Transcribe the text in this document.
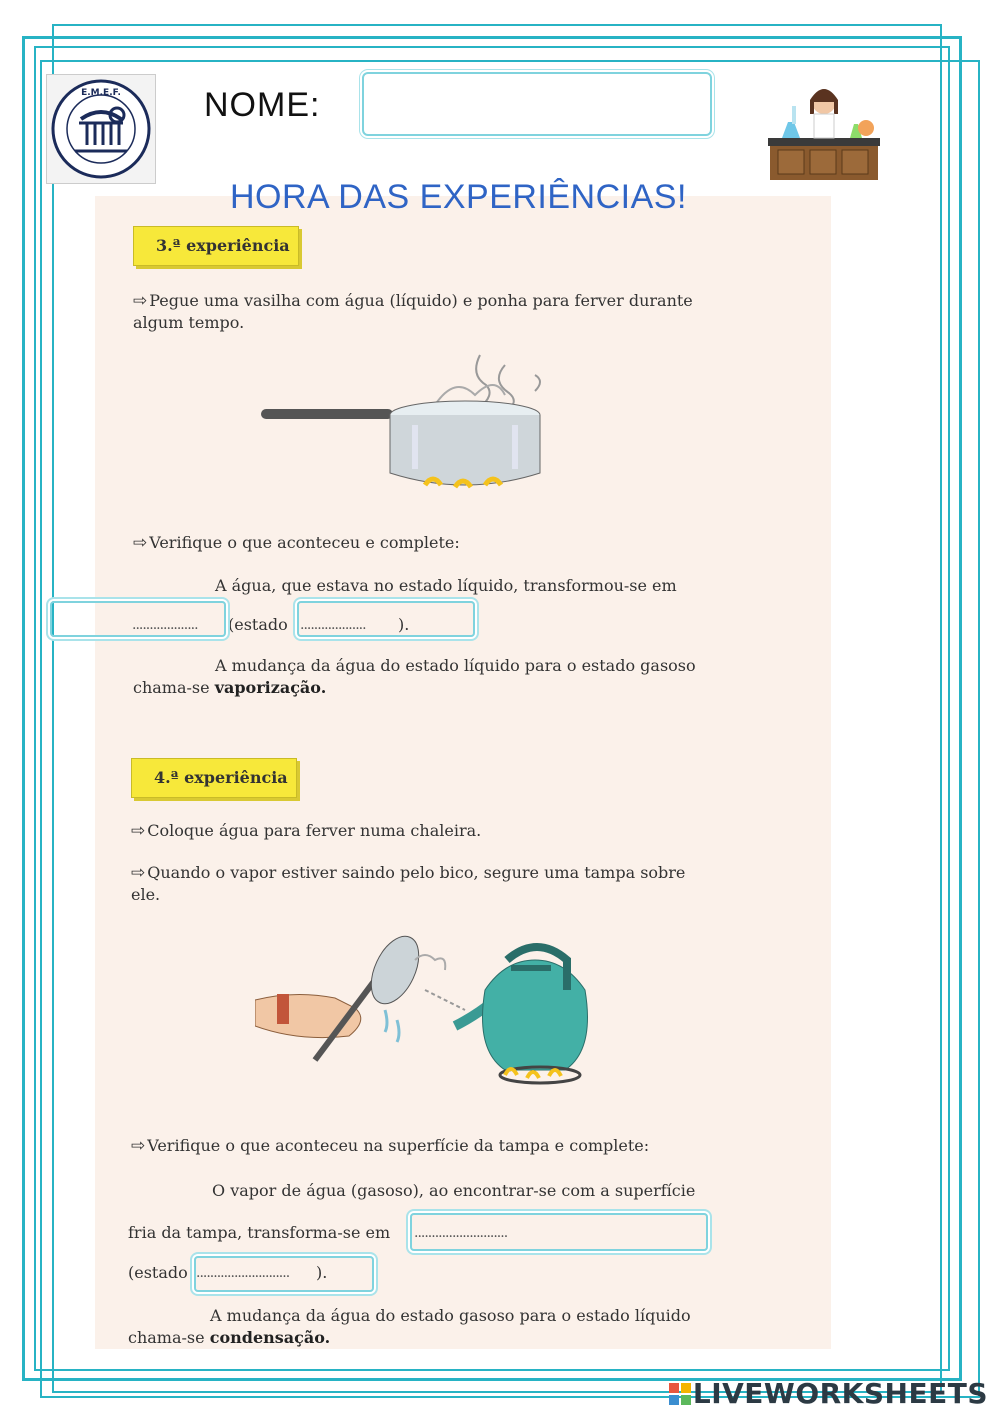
E.M.E.F. NOME:
HORA DAS EXPERIÊNCIAS!
3.ª experiência
⇨ Pegue uma vasilha com água (líquido) e ponha para ferver durante algum tempo.
⇨ Verifique o que aconteceu e complete:
A água, que estava no estado líquido, transformou-se em
................... (estado ................... ).
A mudança da água do estado líquido para o estado gasoso chama-se vaporização.
4.ª experiência
⇨ Coloque água para ferver numa chaleira.
⇨ Quando o vapor estiver saindo pelo bico, segure uma tampa sobre ele.
⇨ Verifique o que aconteceu na superfície da tampa e complete:
O vapor de água (gasoso), ao encontrar-se com a superfície
fria da tampa, transforma-se em ...........................
(estado ........................... ).
A mudança da água do estado gasoso para o estado líquido chama-se condensação.
LIVEWORKSHEETS
